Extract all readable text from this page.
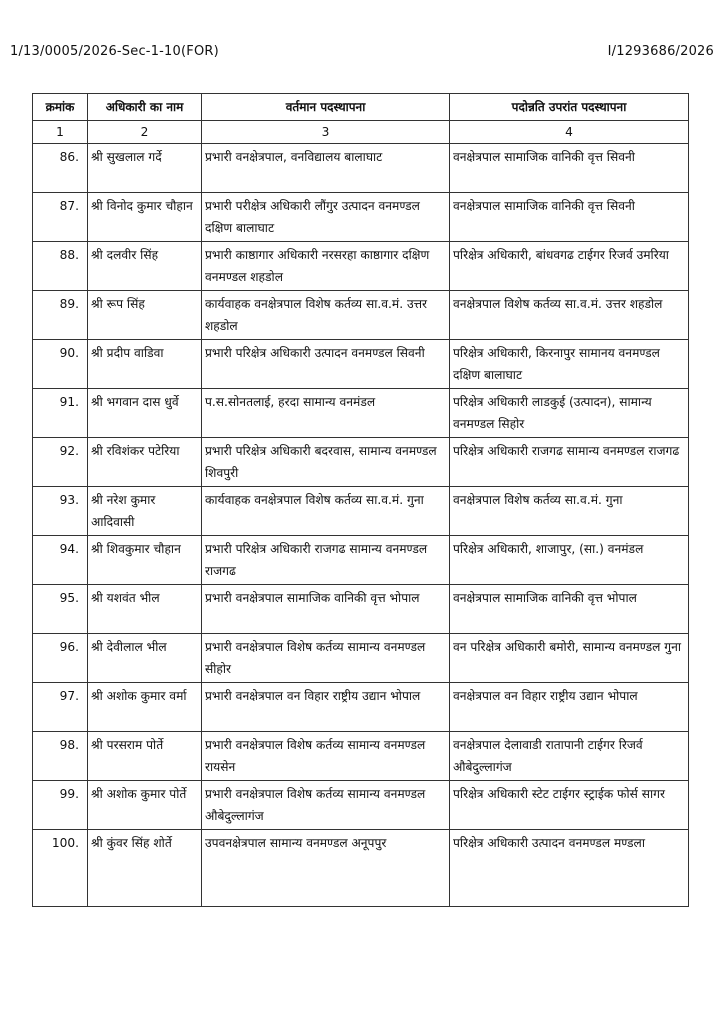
1/13/0005/2026-Sec-1-10(FOR)	I/1293686/2026
क्रमांक	अधिकारी का नाम	वर्तमान पदस्थापना	पदोन्नति उपरांत पदस्थापना
1	2	3	4
86.	श्री सुखलाल गर्दे	प्रभारी वनक्षेत्रपाल, वनविद्यालय बालाघाट	वनक्षेत्रपाल सामाजिक वानिकी वृत्त सिवनी
87.	श्री विनोद कुमार चौहान	प्रभारी परीक्षेत्र अधिकारी लौंगुर उत्पादन वनमण्डल दक्षिण बालाघाट	वनक्षेत्रपाल सामाजिक वानिकी वृत्त सिवनी
88.	श्री दलवीर सिंह	प्रभारी काष्ठागार अधिकारी नरसरहा काष्ठागार दक्षिण वनमण्डल शहडोल	परिक्षेत्र अधिकारी, बांधवगढ टाईगर रिजर्व उमरिया
89.	श्री रूप सिंह	कार्यवाहक वनक्षेत्रपाल विशेष कर्तव्य सा.व.मं. उत्तर शहडोल	वनक्षेत्रपाल विशेष कर्तव्य सा.व.मं. उत्तर शहडोल
90.	श्री प्रदीप वाडिवा	प्रभारी परिक्षेत्र अधिकारी उत्पादन वनमण्डल सिवनी	परिक्षेत्र अधिकारी, किरनापुर सामानय वनमण्डल दक्षिण बालाघाट
91.	श्री भगवान दास धुर्वे	प.स.सोनतलाई, हरदा सामान्य वनमंडल	परिक्षेत्र अधिकारी लाडकुई (उत्पादन), सामान्य वनमण्डल सिहोर
92.	श्री रविशंकर पटेरिया	प्रभारी परिक्षेत्र अधिकारी बदरवास, सामान्य वनमण्डल शिवपुरी	परिक्षेत्र अधिकारी राजगढ सामान्य वनमण्डल राजगढ
93.	श्री नरेश कुमार आदिवासी	कार्यवाहक वनक्षेत्रपाल विशेष कर्तव्य सा.व.मं. गुना	वनक्षेत्रपाल विशेष कर्तव्य सा.व.मं. गुना
94.	श्री शिवकुमार चौहान	प्रभारी परिक्षेत्र अधिकारी राजगढ सामान्य वनमण्डल राजगढ	परिक्षेत्र अधिकारी, शाजापुर, (सा.) वनमंडल
95.	श्री यशवंत भील	प्रभारी वनक्षेत्रपाल सामाजिक वानिकी वृत्त भोपाल	वनक्षेत्रपाल सामाजिक वानिकी वृत्त भोपाल
96.	श्री देवीलाल भील	प्रभारी वनक्षेत्रपाल विशेष कर्तव्य सामान्य वनमण्डल सीहोर	वन परिक्षेत्र अधिकारी बमोरी, सामान्य वनमण्डल गुना
97.	श्री अशोक कुमार वर्मा	प्रभारी वनक्षेत्रपाल वन विहार राष्ट्रीय उद्यान भोपाल	वनक्षेत्रपाल वन विहार राष्ट्रीय उद्यान भोपाल
98.	श्री परसराम पोर्ते	प्रभारी वनक्षेत्रपाल विशेष कर्तव्य सामान्य वनमण्डल रायसेन	वनक्षेत्रपाल देलावाडी रातापानी टाईगर रिजर्व औबेदुल्लागंज
99.	श्री अशोक कुमार पोर्ते	प्रभारी वनक्षेत्रपाल विशेष कर्तव्य सामान्य वनमण्डल औबेदुल्लागंज	परिक्षेत्र अधिकारी स्टेट टाईगर स्ट्राईक फोर्स सागर
100.	श्री कुंवर सिंह शोर्ते	उपवनक्षेत्रपाल सामान्य वनमण्डल अनूपपुर	परिक्षेत्र अधिकारी उत्पादन वनमण्डल मण्डला
